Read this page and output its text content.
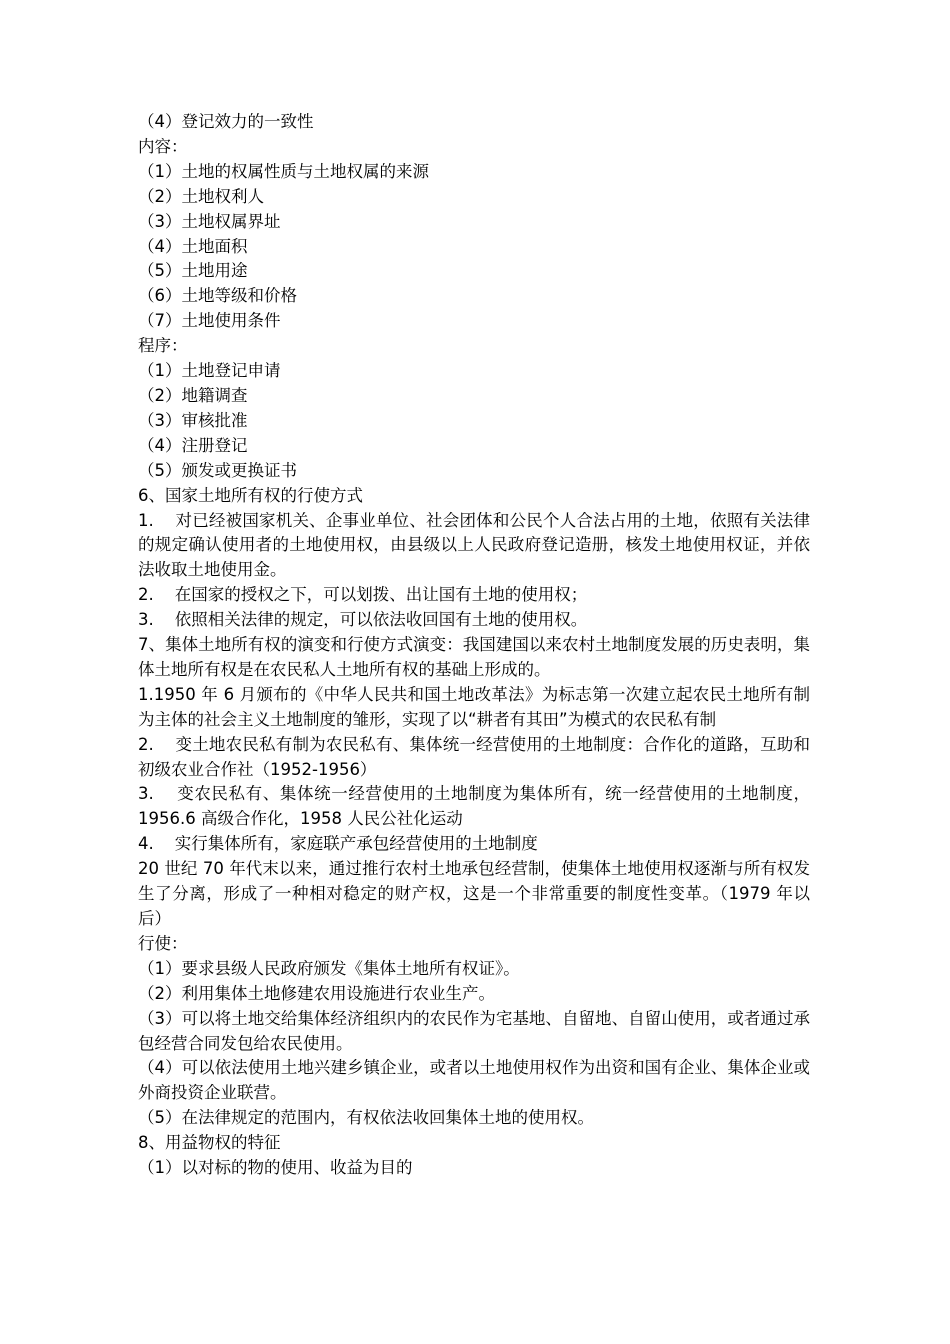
（4）登记效力的一致性

内容：

（1）土地的权属性质与土地权属的来源

（2）土地权利人

（3）土地权属界址

（4）土地面积

（5）土地用途

（6）土地等级和价格

（7）土地使用条件

程序：

（1）土地登记申请

（2）地籍调查

（3）审核批准

（4）注册登记

（5）颁发或更换证书

6、国家土地所有权的行使方式

1.    对已经被国家机关、企事业单位、社会团体和公民个人合法占用的土地，依照有关法律的规定确认使用者的土地使用权，由县级以上人民政府登记造册，核发土地使用权证，并依法收取土地使用金。

2.    在国家的授权之下，可以划拨、出让国有土地的使用权；

3.    依照相关法律的规定，可以依法收回国有土地的使用权。

7、集体土地所有权的演变和行使方式演变：我国建国以来农村土地制度发展的历史表明，集体土地所有权是在农民私人土地所有权的基础上形成的。

1.1950 年 6 月颁布的《中华人民共和国土地改革法》为标志第一次建立起农民土地所有制为主体的社会主义土地制度的雏形，实现了以“耕者有其田”为模式的农民私有制

2.    变土地农民私有制为农民私有、集体统一经营使用的土地制度：合作化的道路，互助和初级农业合作社（1952-1956）

3.    变农民私有、集体统一经营使用的土地制度为集体所有，统一经营使用的土地制度，1956.6 高级合作化，1958 人民公社化运动

4.    实行集体所有，家庭联产承包经营使用的土地制度

20 世纪 70 年代末以来，通过推行农村土地承包经营制，使集体土地使用权逐渐与所有权发生了分离，形成了一种相对稳定的财产权，这是一个非常重要的制度性变革。（1979 年以后）

行使：

（1）要求县级人民政府颁发《集体土地所有权证》。

（2）利用集体土地修建农用设施进行农业生产。

（3）可以将土地交给集体经济组织内的农民作为宅基地、自留地、自留山使用，或者通过承包经营合同发包给农民使用。

（4）可以依法使用土地兴建乡镇企业，或者以土地使用权作为出资和国有企业、集体企业或外商投资企业联营。

（5）在法律规定的范围内，有权依法收回集体土地的使用权。

8、用益物权的特征

（1）以对标的物的使用、收益为目的
